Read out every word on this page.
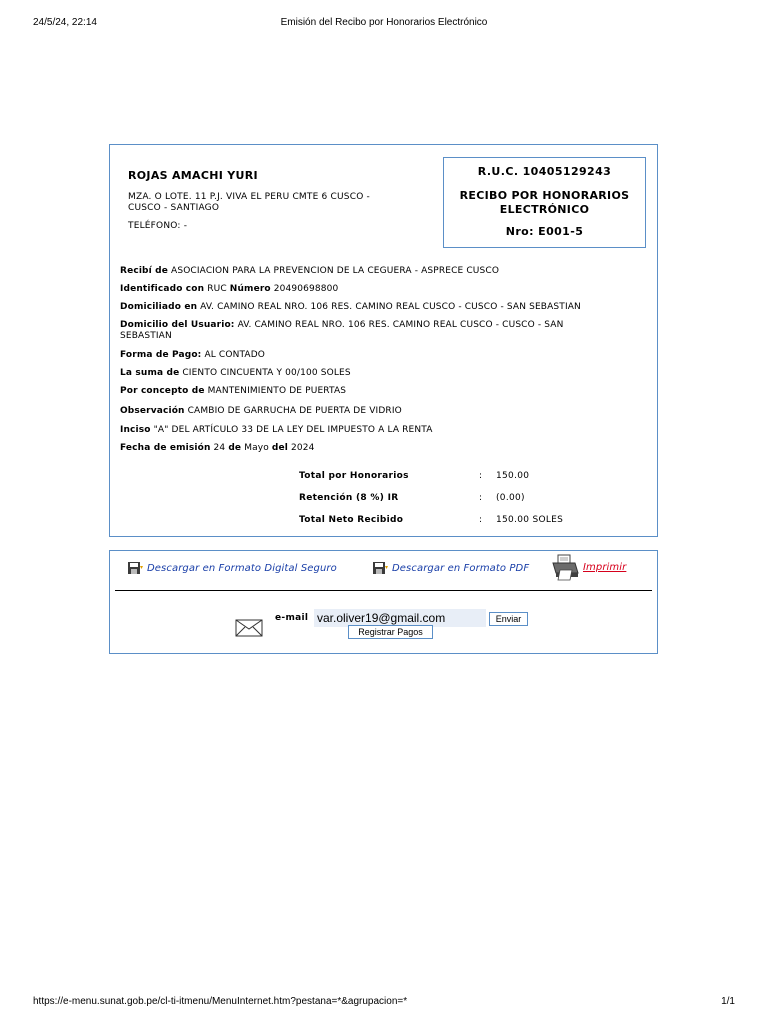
24/5/24, 22:14	Emisión del Recibo por Honorarios Electrónico
ROJAS AMACHI YURI
MZA. O LOTE. 11 P.J. VIVA EL PERU CMTE 6 CUSCO -
CUSCO - SANTIAGO
TELÉFONO: -
R.U.C. 10405129243
RECIBO POR HONORARIOS
ELECTRÓNICO
Nro: E001-5
Recibí de ASOCIACION PARA LA PREVENCION DE LA CEGUERA - ASPRECE CUSCO
Identificado con RUC Número 20490698800
Domiciliado en AV. CAMINO REAL NRO. 106 RES. CAMINO REAL CUSCO - CUSCO - SAN SEBASTIAN
Domicilio del Usuario: AV. CAMINO REAL NRO. 106 RES. CAMINO REAL CUSCO - CUSCO - SAN
SEBASTIAN
Forma de Pago: AL CONTADO
La suma de CIENTO CINCUENTA Y 00/100 SOLES
Por concepto de MANTENIMIENTO DE PUERTAS
Observación CAMBIO DE GARRUCHA DE PUERTA DE VIDRIO
Inciso "A" DEL ARTÍCULO 33 DE LA LEY DEL IMPUESTO A LA RENTA
Fecha de emisión 24 de Mayo del 2024
Total por Honorarios	: 150.00
Retención (8 %) IR	: (0.00)
Total Neto Recibido	: 150.00 SOLES
Descargar en Formato Digital Seguro	Descargar en Formato PDF	Imprimir
e-mail
var.oliver19@gmail.com	Enviar
Registrar Pagos
https://e-menu.sunat.gob.pe/cl-ti-itmenu/MenuInternet.htm?pestana=*&agrupacion=*	1/1
